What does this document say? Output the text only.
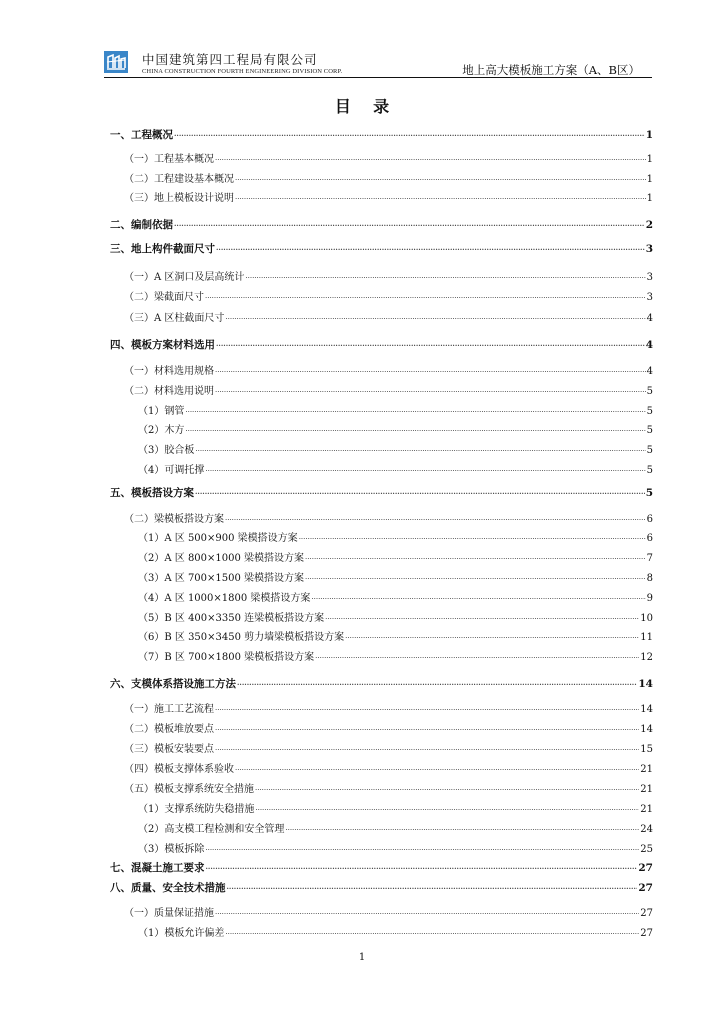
中国建筑第四工程局有限公司
CHINA CONSTRUCTION FOURTH ENGINEERING DIVISION CORP.	地上高大模板施工方案（A、B区）
目    录
一、工程概况 .....	1
（一）工程基本概况 .....	1
（二）工程建设基本概况 .....	1
（三）地上模板设计说明 .....	1
二、编制依据 .....	2
三、地上构件截面尺寸 .....	3
（一）A 区洞口及层高统计 .....	3
（二）梁截面尺寸 .....	3
（三）A 区柱截面尺寸 .....	4
四、模板方案材料选用 .....	4
（一）材料选用规格 .....	4
（二）材料选用说明 .....	5
（1）钢管 .....	5
（2）木方 .....	5
（3）胶合板 .....	5
（4）可调托撑 .....	5
五、模板搭设方案 .....	5
（二）梁模板搭设方案 .....	6
（1）A 区 500×900 梁模搭设方案 .....	6
（2）A 区 800×1000 梁模搭设方案 .....	7
（3）A 区 700×1500 梁模搭设方案 .....	8
（4）A 区 1000×1800 梁模搭设方案 .....	9
（5）B 区 400×3350 连梁模板搭设方案 .....	10
（6）B 区 350×3450 剪力墙梁模板搭设方案 .....	11
（7）B 区 700×1800 梁模板搭设方案 .....	12
六、支模体系搭设施工方法 .....	14
（一）施工工艺流程 .....	14
（二）模板堆放要点 .....	14
（三）模板安装要点 .....	15
（四）模板支撑体系验收 .....	21
（五）模板支撑系统安全措施 .....	21
（1）支撑系统防失稳措施 .....	21
（2）高支模工程检测和安全管理 .....	24
（3）模板拆除 .....	25
七、混凝土施工要求 .....	27
八、质量、安全技术措施 .....	27
（一）质量保证措施 .....	27
（1）模板允许偏差 .....	27
1
